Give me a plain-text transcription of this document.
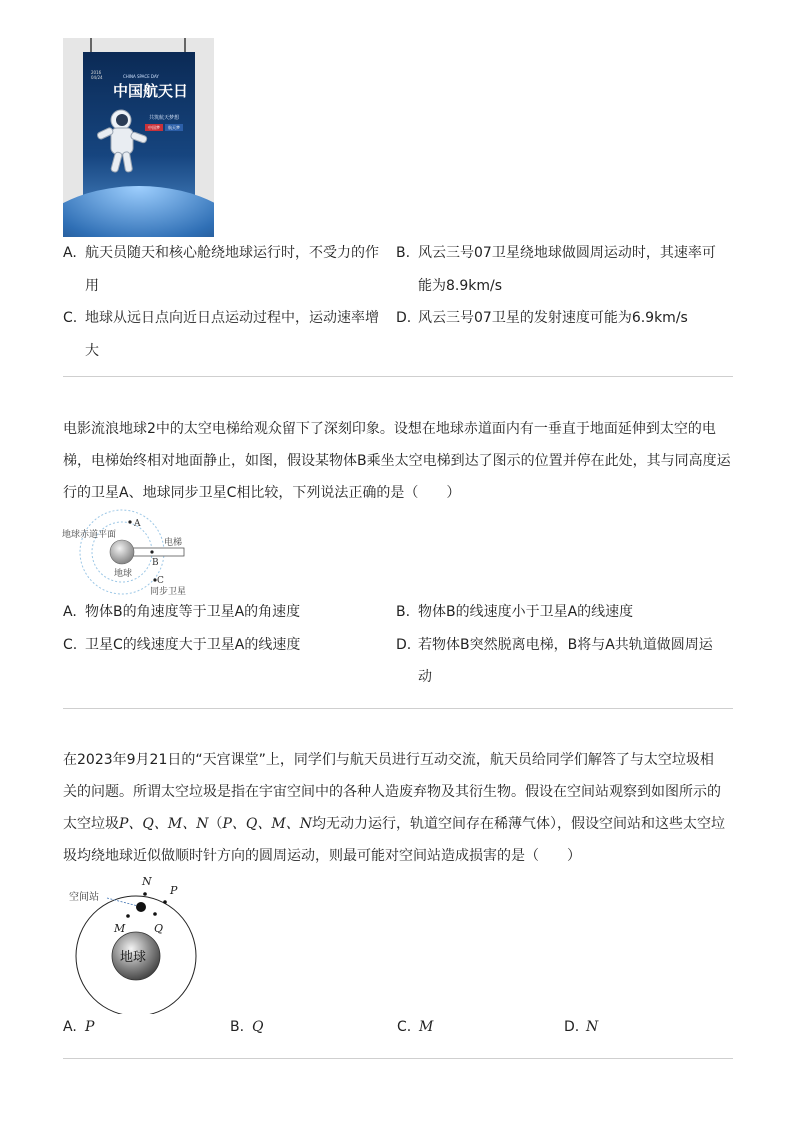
2016 04/24	CHINA SPACE DAY
中国航天日
共筑航天梦想
中国梦	航天梦
A. 航天员随天和核心舱绕地球运行时，不受力的作
用
B. 风云三号07卫星绕地球做圆周运动时，其速率可
能为8.9km/s
C. 地球从远日点向近日点运动过程中，运动速率增
大
D. 风云三号07卫星的发射速度可能为6.9km/s
电影流浪地球2中的太空电梯给观众留下了深刻印象。设想在地球赤道面内有一垂直于地面延伸到太空的电
梯，电梯始终相对地面静止，如图，假设某物体B乘坐太空电梯到达了图示的位置并停在此处，其与同高度运
行的卫星A、地球同步卫星C相比较，下列说法正确的是（　　）
地球赤道平面
电梯
地球
同步卫星
A
B
C
A. 物体B的角速度等于卫星A的角速度	B. 物体B的线速度小于卫星A的线速度
C. 卫星C的线速度大于卫星A的线速度	D. 若物体B突然脱离电梯，B将与A共轨道做圆周运
动
在2023年9月21日的“天宫课堂”上，同学们与航天员进行互动交流，航天员给同学们解答了与太空垃圾相
关的问题。所谓太空垃圾是指在宇宙空间中的各种人造废弃物及其衍生物。假设在空间站观察到如图所示的
太空垃圾P、Q、M、N（P、Q、M、N均无动力运行，轨道空间存在稀薄气体），假设空间站和这些太空垃
圾均绕地球近似做顺时针方向的圆周运动，则最可能对空间站造成损害的是（　　）
空间站
地球
N
P
M	Q
A. P	B. Q	C. M	D. N
